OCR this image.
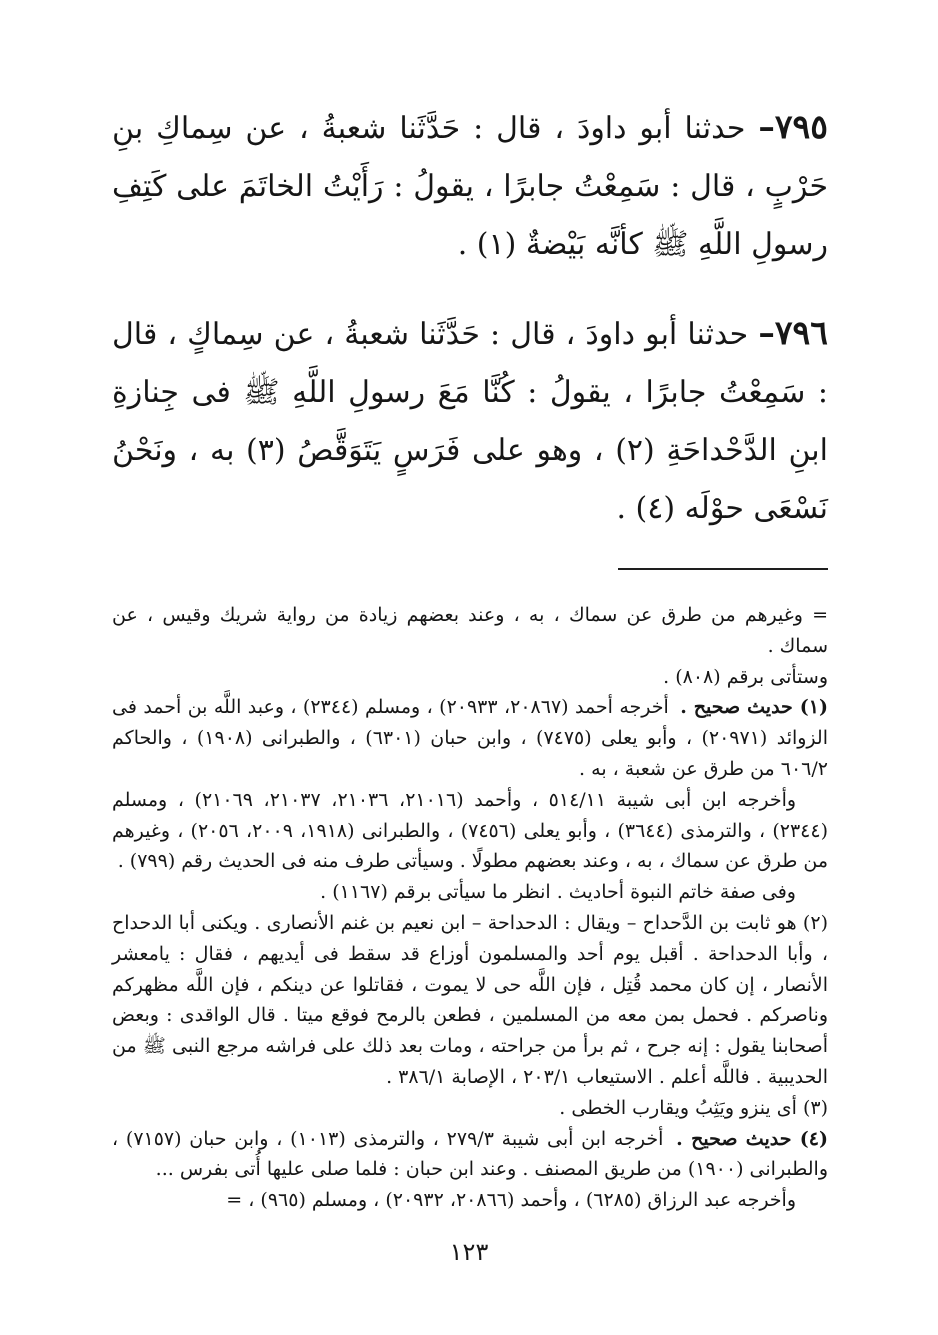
٧٩٥– حدثنا أبو داودَ ، قال : حَدَّثَنا شعبةُ ، عن سِماكِ بنِ حَرْبٍ ، قال : سَمِعْتُ جابرًا ، يقولُ : رَأَيْتُ الخاتَمَ على كَتِفِ رسولِ اللَّهِ ﷺ كأنَّه بَيْضةٌ (١) .

٧٩٦– حدثنا أبو داودَ ، قال : حَدَّثَنا شعبةُ ، عن سِماكٍ ، قال : سَمِعْتُ جابرًا ، يقولُ : كُنَّا مَعَ رسولِ اللَّهِ ﷺ فى جِنازةِ ابنِ الدَّحْداحَةِ (٢) ، وهو على فَرَسٍ يَتَوَقَّصُ (٣) به ، ونَحْنُ نَسْعَى حوْلَه (٤) .

= وغيرهم من طرق عن سماك ، به ، وعند بعضهم زيادة من رواية شريك وقيس ، عن سماك .

وستأتى برقم (٨٠٨) .

(١) حديث صحيح . أخرجه أحمد (٢٠٨٦٧، ٢٠٩٣٣) ، ومسلم (٢٣٤٤) ، وعبد اللَّه بن أحمد فى الزوائد (٢٠٩٧١) ، وأبو يعلى (٧٤٧٥) ، وابن حبان (٦٣٠١) ، والطبرانى (١٩٠٨) ، والحاكم ٦٠٦/٢ من طرق عن شعبة ، به .

وأخرجه ابن أبى شيبة ٥١٤/١١ ، وأحمد (٢١٠١٦، ٢١٠٣٦، ٢١٠٣٧، ٢١٠٦٩) ، ومسلم (٢٣٤٤) ، والترمذى (٣٦٤٤) ، وأبو يعلى (٧٤٥٦) ، والطبرانى (١٩١٨، ٢٠٠٩، ٢٠٥٦) ، وغيرهم من طرق عن سماك ، به ، وعند بعضهم مطولًا . وسيأتى طرف منه فى الحديث رقم (٧٩٩) .

وفى صفة خاتم النبوة أحاديث . انظر ما سيأتى برقم (١١٦٧) .

(٢) هو ثابت بن الدَّحداح – ويقال : الدحداحة – ابن نعيم بن غنم الأنصارى . ويكنى أبا الدحداح ، وأبا الدحداحة . أقبل يوم أحد والمسلمون أوزاع قد سقط فى أيديهم ، فقال : يامعشر الأنصار ، إن كان محمد قُتِل ، فإن اللَّه حى لا يموت ، فقاتلوا عن دينكم ، فإن اللَّه مظهركم وناصركم . فحمل بمن معه من المسلمين ، فطعن بالرمح فوقع ميتا . قال الواقدى : وبعض أصحابنا يقول : إنه جرح ، ثم برأ من جراحته ، ومات بعد ذلك على فراشه مرجع النبى ﷺ من الحديبية . فاللَّه أعلم . الاستيعاب ٢٠٣/١ ، الإصابة ٣٨٦/١ .

(٣) أى ينزو ويَثِبُ ويقارب الخطى .

(٤) حديث صحيح . أخرجه ابن أبى شيبة ٢٧٩/٣ ، والترمذى (١٠١٣) ، وابن حبان (٧١٥٧) ، والطبرانى (١٩٠٠) من طريق المصنف . وعند ابن حبان : فلما صلى عليها أُتى بفرس ...

وأخرجه عبد الرزاق (٦٢٨٥) ، وأحمد (٢٠٨٦٦، ٢٠٩٣٢) ، ومسلم (٩٦٥) ، =

١٢٣
